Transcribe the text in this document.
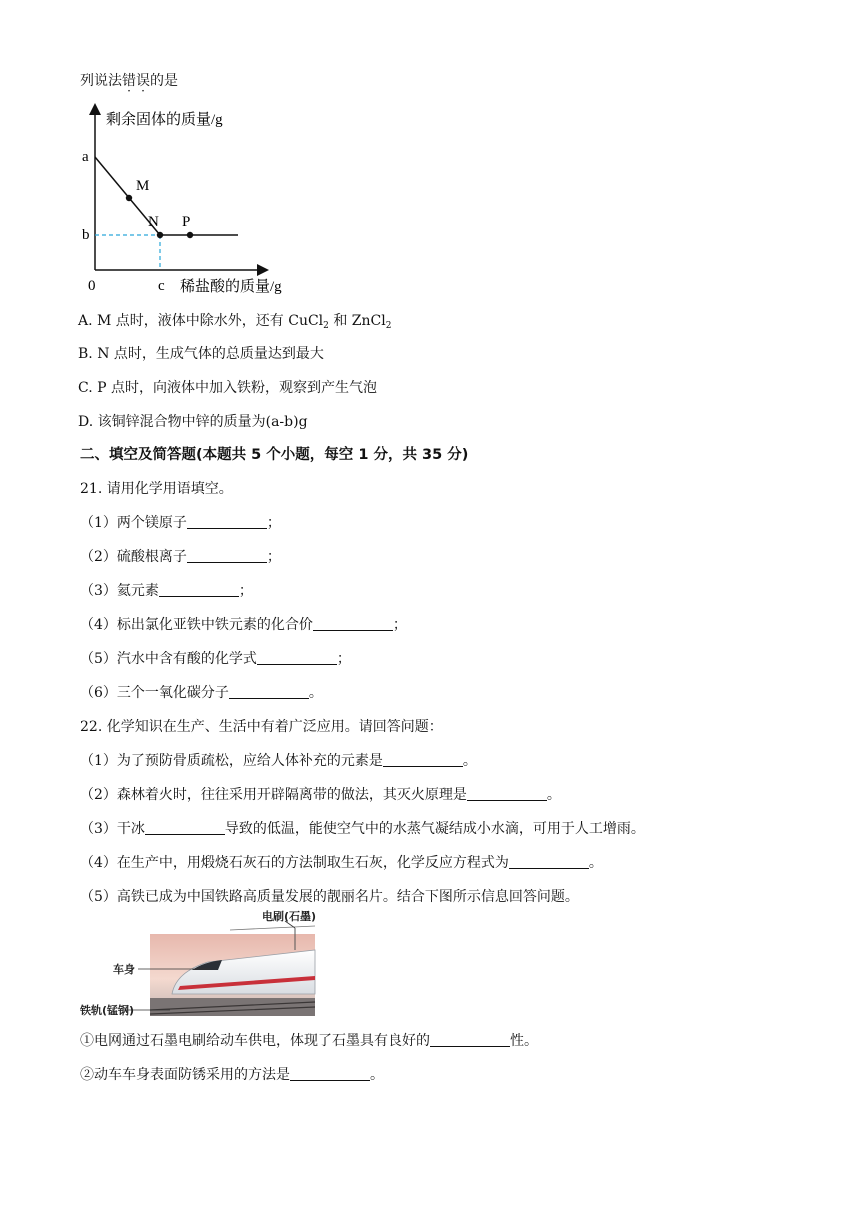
列说法错误的是
剩余固体的质量/g
稀盐酸的质量/g
0
a
b
c
M
N P
A. M 点时，液体中除水外，还有 CuCl$_2$ 和 ZnCl$_2$
B. N 点时，生成气体的总质量达到最大
C. P 点时，向液体中加入铁粉，观察到产生气泡
D. 该铜锌混合物中锌的质量为(a-b)g
二、填空及简答题(本题共 5 个小题，每空 1 分，共 35 分)
21. 请用化学用语填空。
（1）两个镁原子	；
（2）硫酸根离子	；
（3）氦元素	；
（4）标出氯化亚铁中铁元素的化合价	；
（5）汽水中含有酸的化学式	；
（6）三个一氧化碳分子	。
22. 化学知识在生产、生活中有着广泛应用。请回答问题：
（1）为了预防骨质疏松，应给人体补充的元素是	。
（2）森林着火时，往往采用开辟隔离带的做法，其灭火原理是	。
（3）干冰	导致的低温，能使空气中的水蒸气凝结成小水滴，可用于人工增雨。
（4）在生产中，用煅烧石灰石的方法制取生石灰，化学反应方程式为	。
（5）高铁已成为中国铁路高质量发展的靓丽名片。结合下图所示信息回答问题。
电刷(石墨)
车身
铁轨(锰钢)
①电网通过石墨电刷给动车供电，体现了石墨具有良好的	性。
②动车车身表面防锈采用的方法是	。
